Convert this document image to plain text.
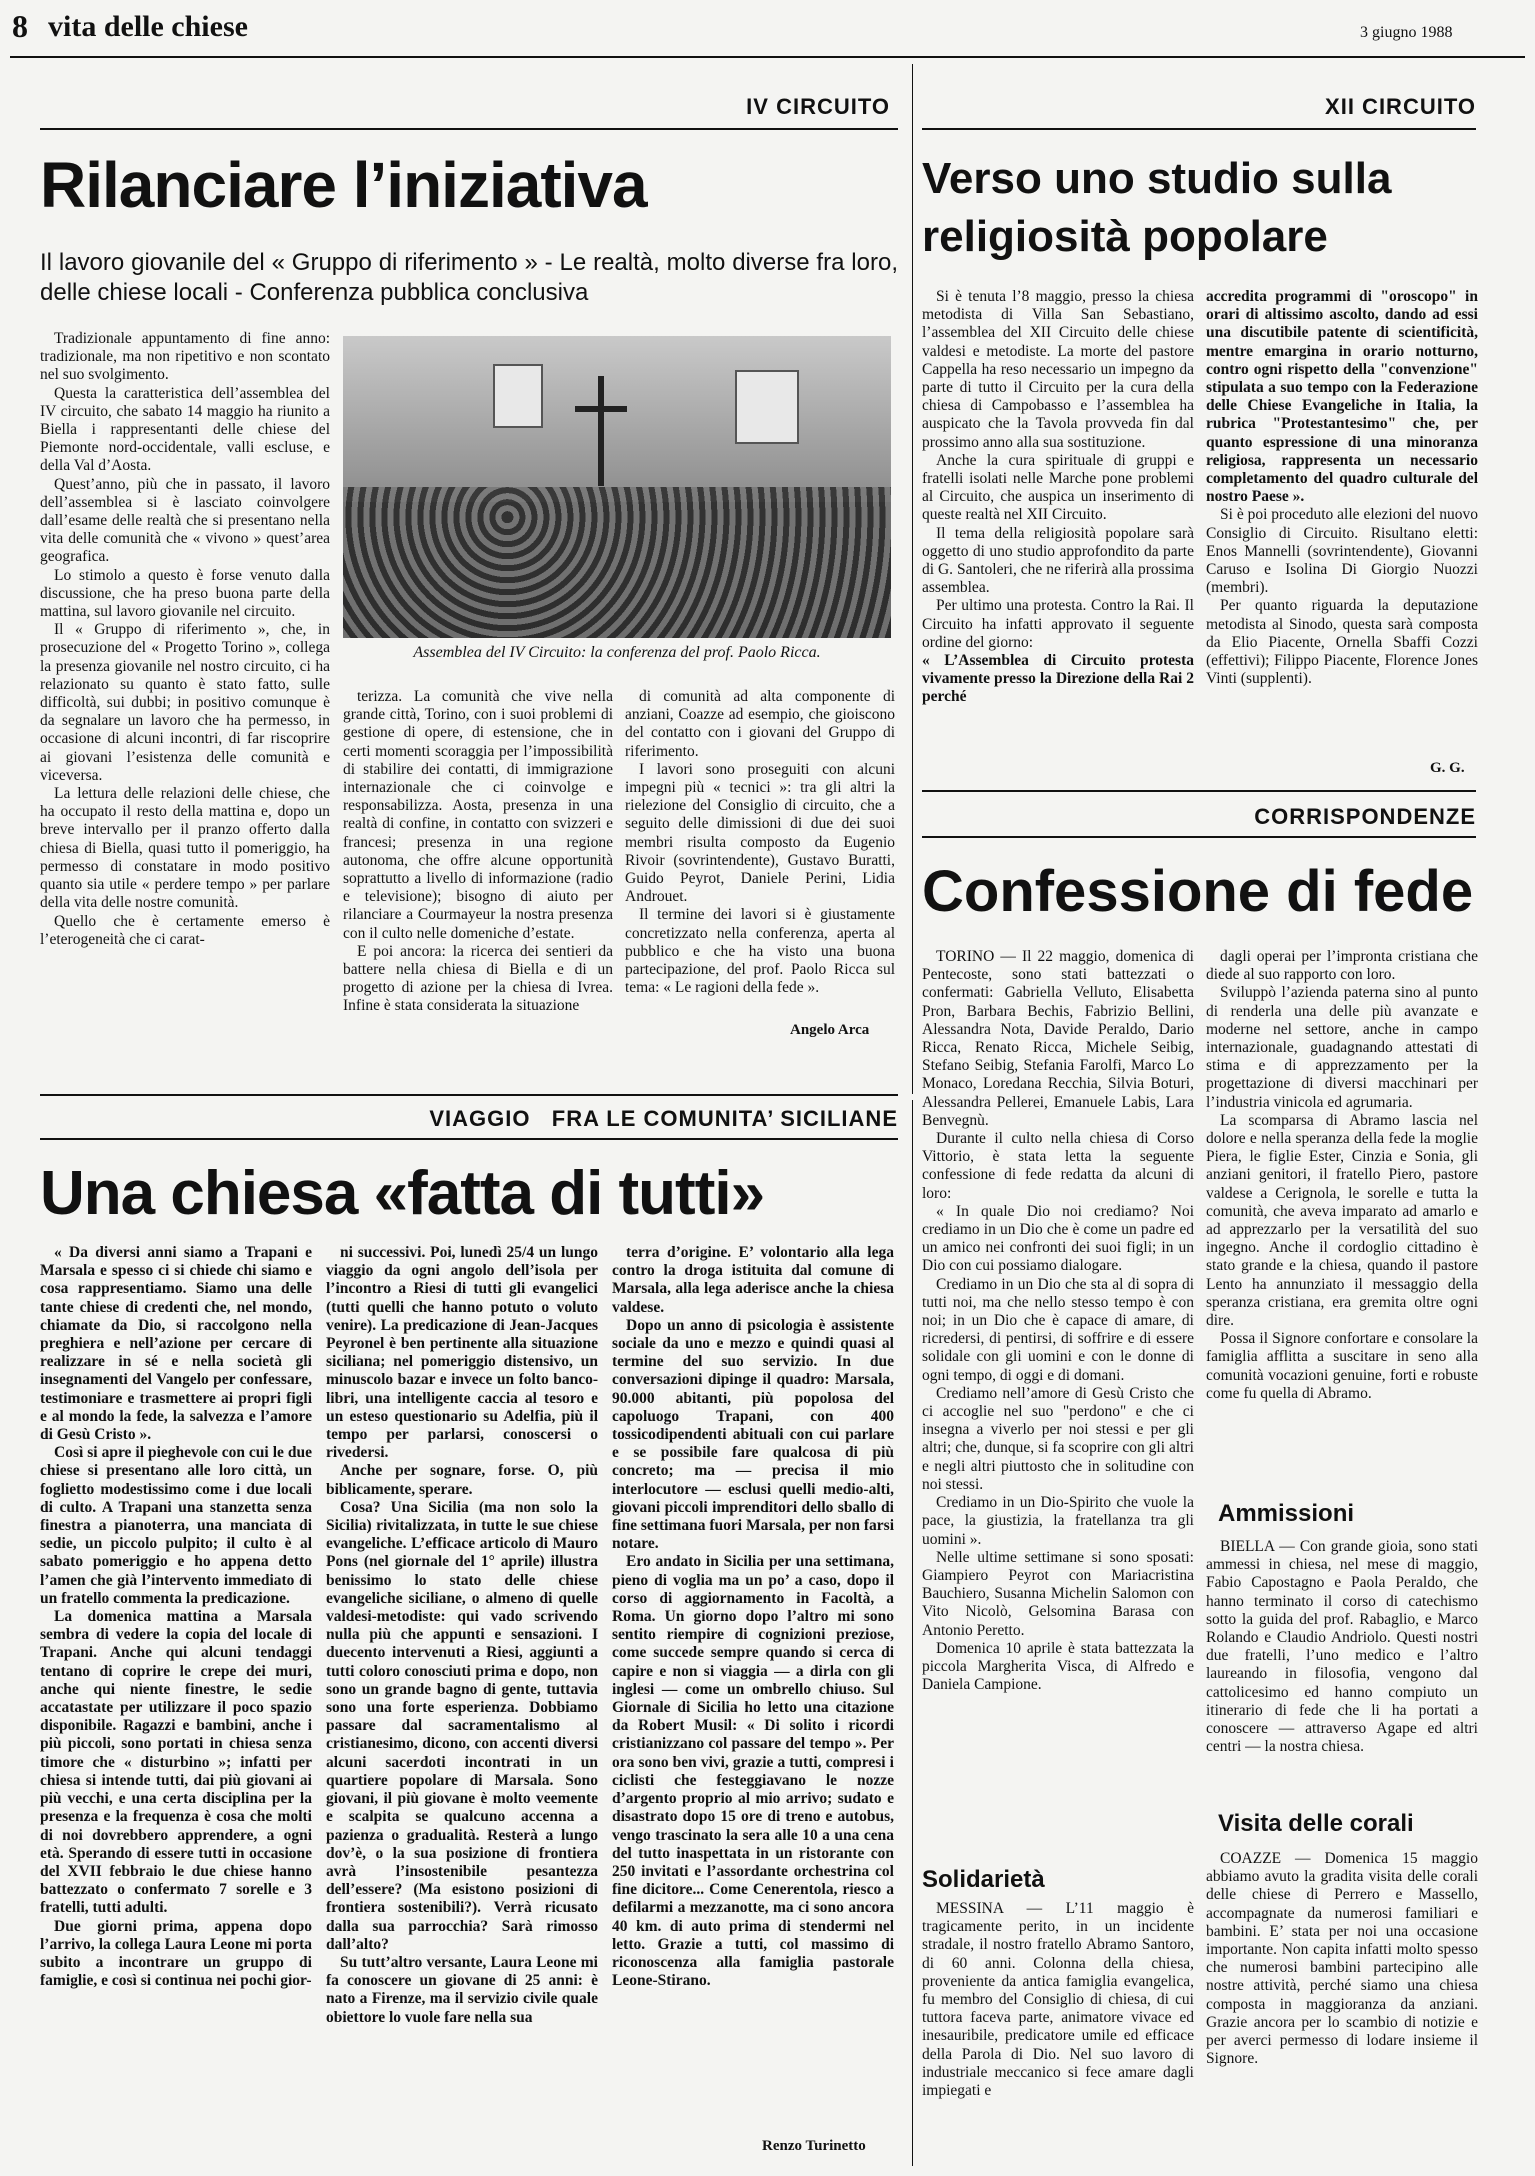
8 vita delle chiese	3 giugno 1988
IV CIRCUITO
Rilanciare l’iniziativa
Il lavoro giovanile del « Gruppo di riferimento » - Le realtà, molto diverse fra loro, delle chiese locali - Conferenza pubblica conclusiva

Tradizionale appuntamento di fine anno: tradizionale, ma non ripetitivo e non scontato nel suo svolgimento.

Questa la caratteristica dell’assemblea del IV circuito, che sabato 14 maggio ha riunito a Biella i rappresentanti delle chiese del Piemonte nord-occidentale, valli escluse, e della Val d’Aosta.

Quest’anno, più che in passato, il lavoro dell’assemblea si è lasciato coinvolgere dall’esame delle realtà che si presentano nella vita delle comunità che « vivono » quest’area geografica.

Lo stimolo a questo è forse venuto dalla discussione, che ha preso buona parte della mattina, sul lavoro giovanile nel circuito.

Il « Gruppo di riferimento », che, in prosecuzione del « Progetto Torino », collega la presenza giovanile nel nostro circuito, ci ha relazionato su quanto è stato fatto, sulle difficoltà, sui dubbi; in positivo comunque è da segnalare un lavoro che ha permesso, in occasione di alcuni incontri, di far riscoprire ai giovani l’esistenza delle comunità e viceversa.

La lettura delle relazioni delle chiese, che ha occupato il resto della mattina e, dopo un breve intervallo per il pranzo offerto dalla chiesa di Biella, quasi tutto il pomeriggio, ha permesso di constatare in modo positivo quanto sia utile « perdere tempo » per parlare della vita delle nostre comunità.

Quello che è certamente emerso è l’eterogeneità che ci carat-

Assemblea del IV Circuito: la conferenza del prof. Paolo Ricca.

terizza. La comunità che vive nella grande città, Torino, con i suoi problemi di gestione di opere, di estensione, che in certi momenti scoraggia per l’impossibilità di stabilire dei contatti, di immigrazione internazionale che ci coinvolge e responsabilizza. Aosta, presenza in una realtà di confine, in contatto con svizzeri e francesi; presenza in una regione autonoma, che offre alcune opportunità soprattutto a livello di informazione (radio e televisione); bisogno di aiuto per rilanciare a Courmayeur la nostra presenza con il culto nelle domeniche d’estate.

E poi ancora: la ricerca dei sentieri da battere nella chiesa di Biella e di un progetto di azione per la chiesa di Ivrea. Infine è stata considerata la situazione

di comunità ad alta componente di anziani, Coazze ad esempio, che gioiscono del contatto con i giovani del Gruppo di riferimento.

I lavori sono proseguiti con alcuni impegni più « tecnici »: tra gli altri la rielezione del Consiglio di circuito, che a seguito delle dimissioni di due dei suoi membri risulta composto da Eugenio Rivoir (sovrintendente), Gustavo Buratti, Guido Peyrot, Daniele Perini, Lidia Androuet.

Il termine dei lavori si è giustamente concretizzato nella conferenza, aperta al pubblico e che ha visto una buona partecipazione, del prof. Paolo Ricca sul tema: « Le ragioni della fede ».

Angelo Arca
XII CIRCUITO
Verso uno studio sulla religiosità popolare

Si è tenuta l’8 maggio, presso la chiesa metodista di Villa San Sebastiano, l’assemblea del XII Circuito delle chiese valdesi e metodiste. La morte del pastore Cappella ha reso necessario un impegno da parte di tutto il Circuito per la cura della chiesa di Campobasso e l’assemblea ha auspicato che la Tavola provveda fin dal prossimo anno alla sua sostituzione.

Anche la cura spirituale di gruppi e fratelli isolati nelle Marche pone problemi al Circuito, che auspica un inserimento di queste realtà nel XII Circuito.

Il tema della religiosità popolare sarà oggetto di uno studio approfondito da parte di G. Santoleri, che ne riferirà alla prossima assemblea.

Per ultimo una protesta. Contro la Rai. Il Circuito ha infatti approvato il seguente ordine del giorno:

« L’Assemblea di Circuito protesta vivamente presso la Direzione della Rai 2 perché

accredita programmi di "oroscopo" in orari di altissimo ascolto, dando ad essi una discutibile patente di scientificità, mentre emargina in orario notturno, contro ogni rispetto della "convenzione" stipulata a suo tempo con la Federazione delle Chiese Evangeliche in Italia, la rubrica "Protestantesimo" che, per quanto espressione di una minoranza religiosa, rappresenta un necessario completamento del quadro culturale del nostro Paese ».

Si è poi proceduto alle elezioni del nuovo Consiglio di Circuito. Risultano eletti: Enos Mannelli (sovrintendente), Giovanni Caruso e Isolina Di Giorgio Nuozzi (membri).

Per quanto riguarda la deputazione metodista al Sinodo, questa sarà composta da Elio Piacente, Ornella Sbaffi Cozzi (effettivi); Filippo Piacente, Florence Jones Vinti (supplenti).

G. G.
CORRISPONDENZE
Confessione di fede

TORINO — Il 22 maggio, domenica di Pentecoste, sono stati battezzati o confermati: Gabriella Velluto, Elisabetta Pron, Barbara Bechis, Fabrizio Bellini, Alessandra Nota, Davide Peraldo, Dario Ricca, Renato Ricca, Michele Seibig, Stefano Seibig, Stefania Farolfi, Marco Lo Monaco, Loredana Recchia, Silvia Boturi, Alessandra Pellerei, Emanuele Labis, Lara Benvegnù.

Durante il culto nella chiesa di Corso Vittorio, è stata letta la seguente confessione di fede redatta da alcuni di loro:

« In quale Dio noi crediamo? Noi crediamo in un Dio che è come un padre ed un amico nei confronti dei suoi figli; in un Dio con cui possiamo dialogare.

Crediamo in un Dio che sta al di sopra di tutti noi, ma che nello stesso tempo è con noi; in un Dio che è capace di amare, di ricredersi, di pentirsi, di soffrire e di essere solidale con gli uomini e con le donne di ogni tempo, di oggi e di domani.

Crediamo nell’amore di Gesù Cristo che ci accoglie nel suo "perdono" e che ci insegna a viverlo per noi stessi e per gli altri; che, dunque, si fa scoprire con gli altri e negli altri piuttosto che in solitudine con noi stessi.

Crediamo in un Dio-Spirito che vuole la pace, la giustizia, la fratellanza tra gli uomini ».

Nelle ultime settimane si sono sposati: Giampiero Peyrot con Mariacristina Bauchiero, Susanna Michelin Salomon con Vito Nicolò, Gelsomina Barasa con Antonio Peretto.

Domenica 10 aprile è stata battezzata la piccola Margherita Visca, di Alfredo e Daniela Campione.

Solidarietà

MESSINA — L’11 maggio è tragicamente perito, in un incidente stradale, il nostro fratello Abramo Santoro, di 60 anni. Colonna della chiesa, proveniente da antica famiglia evangelica, fu membro del Consiglio di chiesa, di cui tuttora faceva parte, animatore vivace ed inesauribile, predicatore umile ed efficace della Parola di Dio. Nel suo lavoro di industriale meccanico si fece amare dagli impiegati e

dagli operai per l’impronta cristiana che diede al suo rapporto con loro.

Sviluppò l’azienda paterna sino al punto di renderla una delle più avanzate e moderne nel settore, anche in campo internazionale, guadagnando attestati di stima e di apprezzamento per la progettazione di diversi macchinari per l’industria vinicola ed agrumaria.

La scomparsa di Abramo lascia nel dolore e nella speranza della fede la moglie Piera, le figlie Ester, Cinzia e Sonia, gli anziani genitori, il fratello Piero, pastore valdese a Cerignola, le sorelle e tutta la comunità, che aveva imparato ad amarlo e ad apprezzarlo per la versatilità del suo ingegno. Anche il cordoglio cittadino è stato grande e la chiesa, quando il pastore Lento ha annunziato il messaggio della speranza cristiana, era gremita oltre ogni dire.

Possa il Signore confortare e consolare la famiglia afflitta a suscitare in seno alla comunità vocazioni genuine, forti e robuste come fu quella di Abramo.

Ammissioni

BIELLA — Con grande gioia, sono stati ammessi in chiesa, nel mese di maggio, Fabio Capostagno e Paola Peraldo, che hanno terminato il corso di catechismo sotto la guida del prof. Rabaglio, e Marco Rolando e Claudio Andriolo. Questi nostri due fratelli, l’uno medico e l’altro laureando in filosofia, vengono dal cattolicesimo ed hanno compiuto un itinerario di fede che li ha portati a conoscere — attraverso Agape ed altri centri — la nostra chiesa.

Visita delle corali

COAZZE — Domenica 15 maggio abbiamo avuto la gradita visita delle corali delle chiese di Perrero e Massello, accompagnate da numerosi familiari e bambini. E’ stata per noi una occasione importante. Non capita infatti molto spesso che numerosi bambini partecipino alle nostre attività, perché siamo una chiesa composta in maggioranza da anziani. Grazie ancora per lo scambio di notizie e per averci permesso di lodare insieme il Signore.

VIAGGIO   FRA LE COMUNITA’ SICILIANE
Una chiesa «fatta di tutti»

« Da diversi anni siamo a Trapani e Marsala e spesso ci si chiede chi siamo e cosa rappresentiamo. Siamo una delle tante chiese di credenti che, nel mondo, chiamate da Dio, si raccolgono nella preghiera e nell’azione per cercare di realizzare in sé e nella società gli insegnamenti del Vangelo per confessare, testimoniare e trasmettere ai propri figli e al mondo la fede, la salvezza e l’amore di Gesù Cristo ».

Così si apre il pieghevole con cui le due chiese si presentano alle loro città, un foglietto modestissimo come i due locali di culto. A Trapani una stanzetta senza finestra a pianoterra, una manciata di sedie, un piccolo pulpito; il culto è al sabato pomeriggio e ho appena detto l’amen che già l’intervento immediato di un fratello commenta la predicazione.

La domenica mattina a Marsala sembra di vedere la copia del locale di Trapani. Anche qui alcuni tendaggi tentano di coprire le crepe dei muri, anche qui niente finestre, le sedie accatastate per utilizzare il poco spazio disponibile. Ragazzi e bambini, anche i più piccoli, sono portati in chiesa senza timore che « disturbino »; infatti per chiesa si intende tutti, dai più giovani ai più vecchi, e una certa disciplina per la presenza e la frequenza è cosa che molti di noi dovrebbero apprendere, a ogni età. Sperando di essere tutti in occasione del XVII febbraio le due chiese hanno battezzato o confermato 7 sorelle e 3 fratelli, tutti adulti.

Due giorni prima, appena dopo l’arrivo, la collega Laura Leone mi porta subito a incontrare un gruppo di famiglie, e così si continua nei pochi gior-

ni successivi. Poi, lunedì 25/4 un lungo viaggio da ogni angolo dell’isola per l’incontro a Riesi di tutti gli evangelici (tutti quelli che hanno potuto o voluto venire). La predicazione di Jean-Jacques Peyronel è ben pertinente alla situazione siciliana; nel pomeriggio distensivo, un minuscolo bazar e invece un folto banco-libri, una intelligente caccia al tesoro e un esteso questionario su Adelfia, più il tempo per parlarsi, conoscersi o rivedersi.

Anche per sognare, forse. O, più biblicamente, sperare.

Cosa? Una Sicilia (ma non solo la Sicilia) rivitalizzata, in tutte le sue chiese evangeliche. L’efficace articolo di Mauro Pons (nel giornale del 1° aprile) illustra benissimo lo stato delle chiese evangeliche siciliane, o almeno di quelle valdesi-metodiste: qui vado scrivendo nulla più che appunti e sensazioni. I duecento intervenuti a Riesi, aggiunti a tutti coloro conosciuti prima e dopo, non sono un grande bagno di gente, tuttavia sono una forte esperienza. Dobbiamo passare dal sacramentalismo al cristianesimo, dicono, con accenti diversi alcuni sacerdoti incontrati in un quartiere popolare di Marsala. Sono giovani, il più giovane è molto veemente e scalpita se qualcuno accenna a pazienza o gradualità. Resterà a lungo dov’è, o la sua posizione di frontiera avrà l’insostenibile pesantezza dell’essere? (Ma esistono posizioni di frontiera sostenibili?). Verrà ricusato dalla sua parrocchia? Sarà rimosso dall’alto?

Su tutt’altro versante, Laura Leone mi fa conoscere un giovane di 25 anni: è nato a Firenze, ma il servizio civile quale obiettore lo vuole fare nella sua

terra d’origine. E’ volontario alla lega contro la droga istituita dal comune di Marsala, alla lega aderisce anche la chiesa valdese.

Dopo un anno di psicologia è assistente sociale da uno e mezzo e quindi quasi al termine del suo servizio. In due conversazioni dipinge il quadro: Marsala, 90.000 abitanti, più popolosa del capoluogo Trapani, con 400 tossicodipendenti abituali con cui parlare e se possibile fare qualcosa di più concreto; ma — precisa il mio interlocutore — esclusi quelli medio-alti, giovani piccoli imprenditori dello sballo di fine settimana fuori Marsala, per non farsi notare.

Ero andato in Sicilia per una settimana, pieno di voglia ma un po’ a caso, dopo il corso di aggiornamento in Facoltà, a Roma. Un giorno dopo l’altro mi sono sentito riempire di cognizioni preziose, come succede sempre quando si cerca di capire e non si viaggia — a dirla con gli inglesi — come un ombrello chiuso. Sul Giornale di Sicilia ho letto una citazione da Robert Musil: « Di solito i ricordi cristianizzano col passare del tempo ». Per ora sono ben vivi, grazie a tutti, compresi i ciclisti che festeggiavano le nozze d’argento proprio al mio arrivo; sudato e disastrato dopo 15 ore di treno e autobus, vengo trascinato la sera alle 10 a una cena del tutto inaspettata in un ristorante con 250 invitati e l’assordante orchestrina col fine dicitore... Come Cenerentola, riesco a defilarmi a mezzanotte, ma ci sono ancora 40 km. di auto prima di stendermi nel letto. Grazie a tutti, col massimo di riconoscenza alla famiglia pastorale Leone-Stirano.

Renzo Turinetto
